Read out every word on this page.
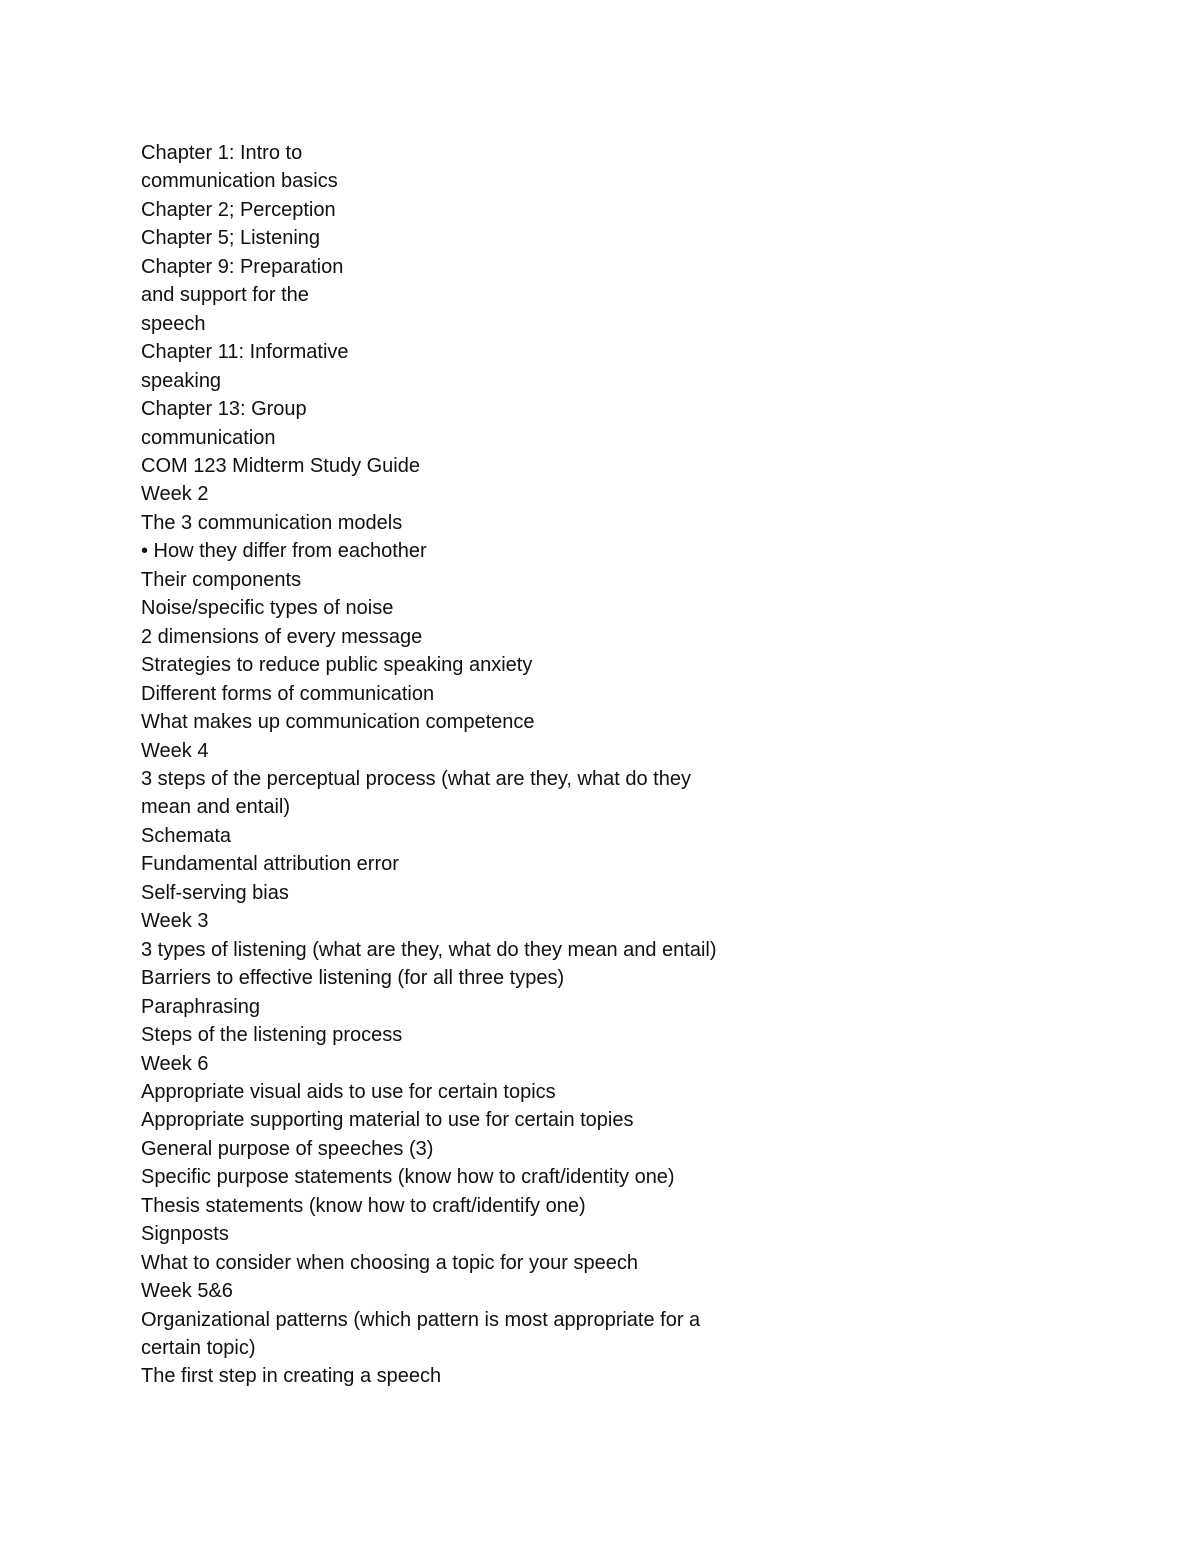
Chapter 1: Intro to
communication basics
Chapter 2; Perception
Chapter 5; Listening
Chapter 9: Preparation
and support for the
speech
Chapter 11: Informative
speaking
Chapter 13: Group
communication
COM 123 Midterm Study Guide
Week 2
The 3 communication models
• How they differ from eachother
Their components
Noise/specific types of noise
2 dimensions of every message
Strategies to reduce public speaking anxiety
Different forms of communication
What makes up communication competence
Week 4
3 steps of the perceptual process (what are they, what do they
mean and entail)
Schemata
Fundamental attribution error
Self-serving bias
Week 3
3 types of listening (what are they, what do they mean and entail)
Barriers to effective listening (for all three types)
Paraphrasing
Steps of the listening process
Week 6
Appropriate visual aids to use for certain topics
Appropriate supporting material to use for certain topies
General purpose of speeches (3)
Specific purpose statements (know how to craft/identity one)
Thesis statements (know how to craft/identify one)
Signposts
What to consider when choosing a topic for your speech
Week 5&6
Organizational patterns (which pattern is most appropriate for a
certain topic)
The first step in creating a speech
